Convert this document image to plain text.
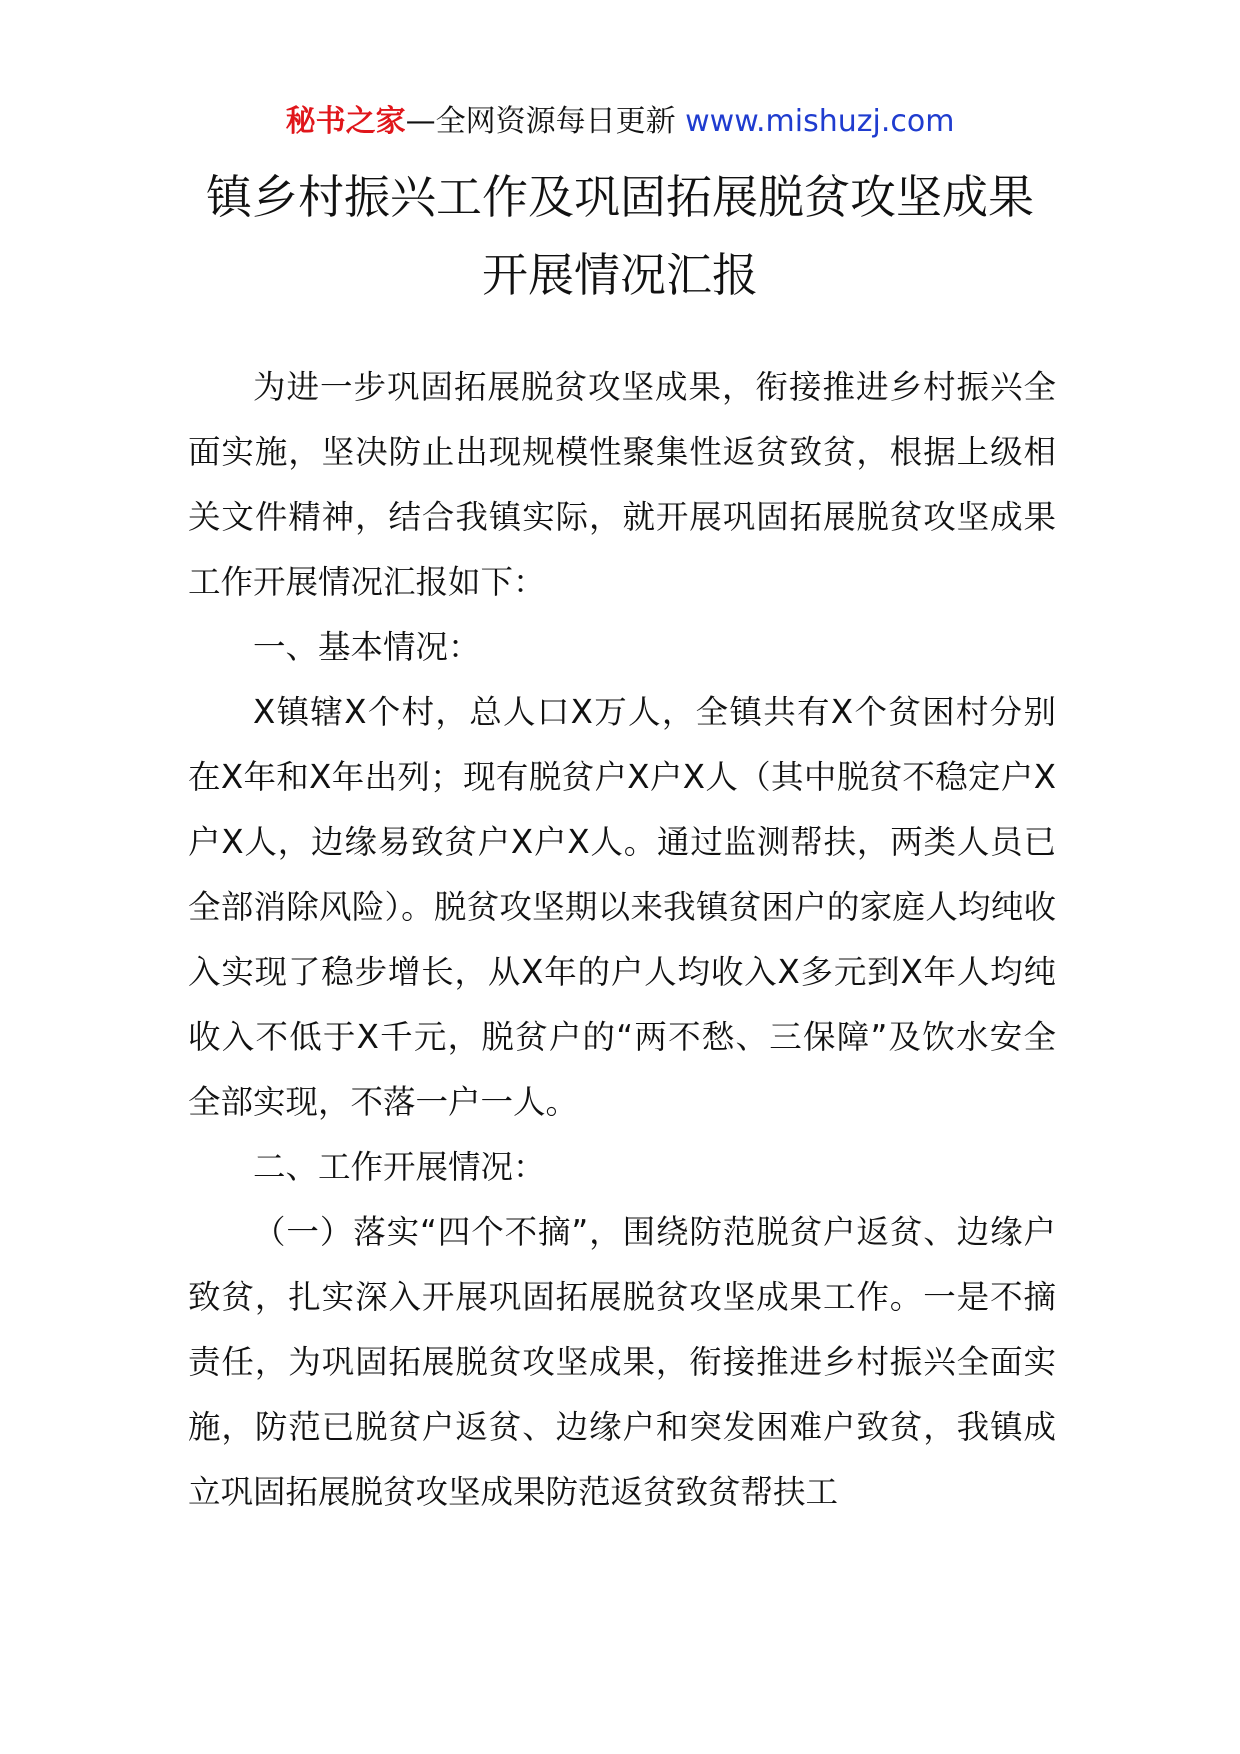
秘书之家—全网资源每日更新 www.mishuzj.com
镇乡村振兴工作及巩固拓展脱贫攻坚成果
开展情况汇报

为进一步巩固拓展脱贫攻坚成果，衔接推进乡村振兴全面实施，坚决防止出现规模性聚集性返贫致贫，根据上级相关文件精神，结合我镇实际，就开展巩固拓展脱贫攻坚成果工作开展情况汇报如下：

一、基本情况：

X镇辖X个村，总人口X万人，全镇共有X个贫困村分别在X年和X年出列；现有脱贫户X户X人（其中脱贫不稳定户X户X人，边缘易致贫户X户X人。通过监测帮扶，两类人员已全部消除风险）。脱贫攻坚期以来我镇贫困户的家庭人均纯收入实现了稳步增长，从X年的户人均收入X多元到X年人均纯收入不低于X千元，脱贫户的“两不愁、三保障”及饮水安全全部实现，不落一户一人。

二、工作开展情况：

（一）落实“四个不摘”，围绕防范脱贫户返贫、边缘户致贫，扎实深入开展巩固拓展脱贫攻坚成果工作。一是不摘责任，为巩固拓展脱贫攻坚成果，衔接推进乡村振兴全面实施，防范已脱贫户返贫、边缘户和突发困难户致贫，我镇成立巩固拓展脱贫攻坚成果防范返贫致贫帮扶工
